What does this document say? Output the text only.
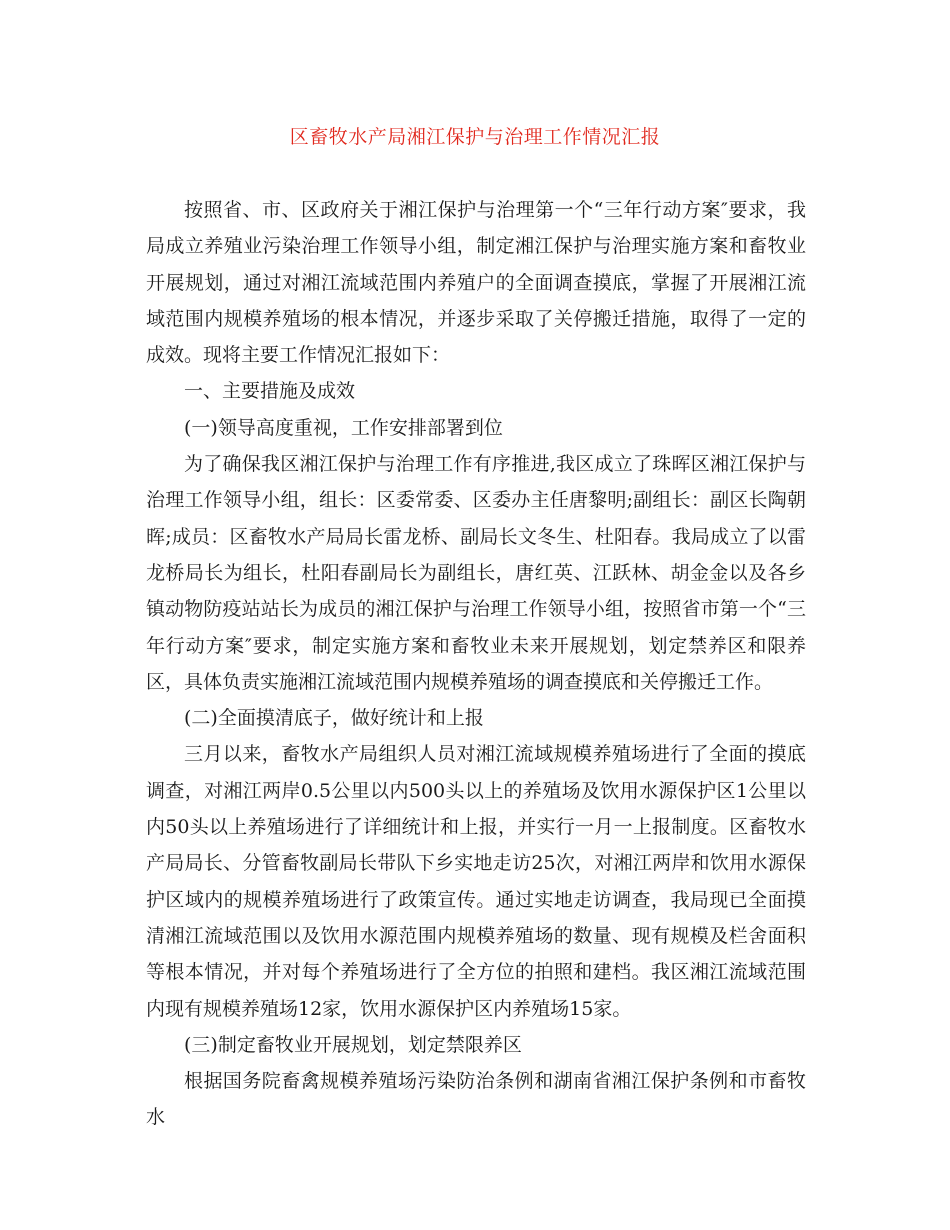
区畜牧水产局湘江保护与治理工作情况汇报

按照省、市、区政府关于湘江保护与治理第一个“三年行动方案″要求，我局成立养殖业污染治理工作领导小组，制定湘江保护与治理实施方案和畜牧业开展规划，通过对湘江流域范围内养殖户的全面调查摸底，掌握了开展湘江流域范围内规模养殖场的根本情况，并逐步采取了关停搬迁措施，取得了一定的成效。现将主要工作情况汇报如下：

一、主要措施及成效

(一)领导高度重视，工作安排部署到位

为了确保我区湘江保护与治理工作有序推进,我区成立了珠晖区湘江保护与治理工作领导小组，组长：区委常委、区委办主任唐黎明;副组长：副区长陶朝晖;成员：区畜牧水产局局长雷龙桥、副局长文冬生、杜阳春。我局成立了以雷龙桥局长为组长，杜阳春副局长为副组长，唐红英、江跃林、胡金金以及各乡镇动物防疫站站长为成员的湘江保护与治理工作领导小组，按照省市第一个“三年行动方案″要求，制定实施方案和畜牧业未来开展规划，划定禁养区和限养区，具体负责实施湘江流域范围内规模养殖场的调查摸底和关停搬迁工作。

(二)全面摸清底子，做好统计和上报

三月以来，畜牧水产局组织人员对湘江流域规模养殖场进行了全面的摸底调查，对湘江两岸0.5公里以内500头以上的养殖场及饮用水源保护区1公里以内50头以上养殖场进行了详细统计和上报，并实行一月一上报制度。区畜牧水产局局长、分管畜牧副局长带队下乡实地走访25次，对湘江两岸和饮用水源保护区域内的规模养殖场进行了政策宣传。通过实地走访调查，我局现已全面摸清湘江流域范围以及饮用水源范围内规模养殖场的数量、现有规模及栏舍面积等根本情况，并对每个养殖场进行了全方位的拍照和建档。我区湘江流域范围内现有规模养殖场12家，饮用水源保护区内养殖场15家。

(三)制定畜牧业开展规划，划定禁限养区

根据国务院畜禽规模养殖场污染防治条例和湖南省湘江保护条例和市畜牧水
